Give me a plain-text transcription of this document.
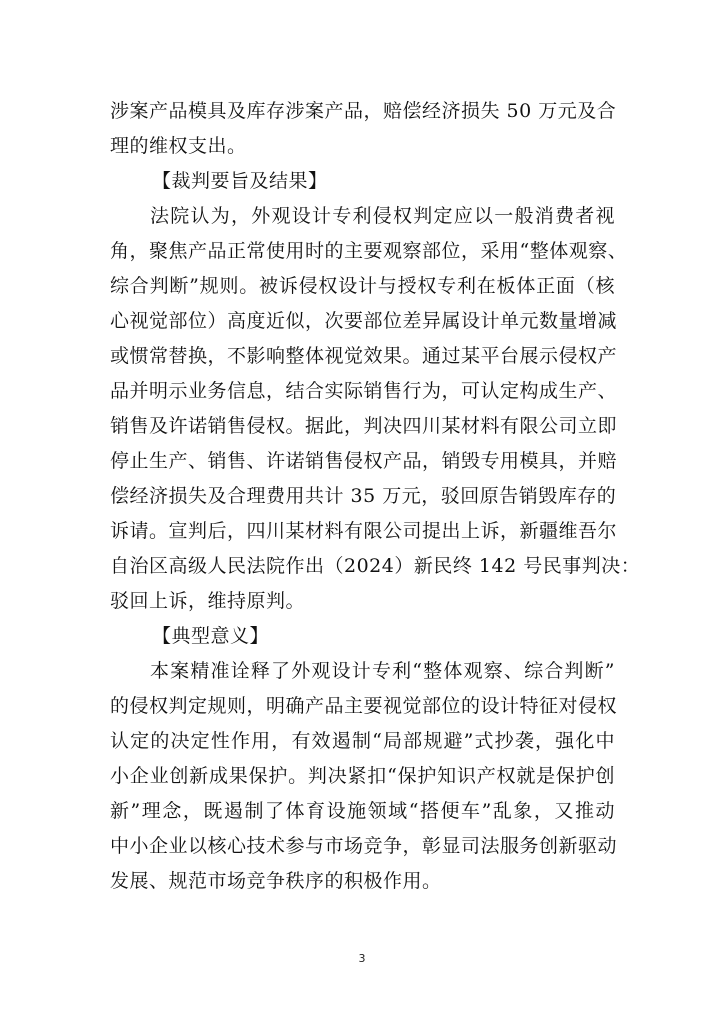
涉案产品模具及库存涉案产品，赔偿经济损失 50 万元及合
理的维权支出。
【裁判要旨及结果】
法院认为，外观设计专利侵权判定应以一般消费者视
角，聚焦产品正常使用时的主要观察部位，采用“整体观察、
综合判断”规则。被诉侵权设计与授权专利在板体正面（核
心视觉部位）高度近似，次要部位差异属设计单元数量增减
或惯常替换，不影响整体视觉效果。通过某平台展示侵权产
品并明示业务信息，结合实际销售行为，可认定构成生产、
销售及许诺销售侵权。据此，判决四川某材料有限公司立即
停止生产、销售、许诺销售侵权产品，销毁专用模具，并赔
偿经济损失及合理费用共计 35 万元，驳回原告销毁库存的
诉请。宣判后，四川某材料有限公司提出上诉，新疆维吾尔
自治区高级人民法院作出（2024）新民终 142 号民事判决：
驳回上诉，维持原判。
【典型意义】
本案精准诠释了外观设计专利“整体观察、综合判断”
的侵权判定规则，明确产品主要视觉部位的设计特征对侵权
认定的决定性作用，有效遏制“局部规避”式抄袭，强化中
小企业创新成果保护。判决紧扣“保护知识产权就是保护创
新”理念，既遏制了体育设施领域“搭便车”乱象，又推动
中小企业以核心技术参与市场竞争，彰显司法服务创新驱动
发展、规范市场竞争秩序的积极作用。
3
